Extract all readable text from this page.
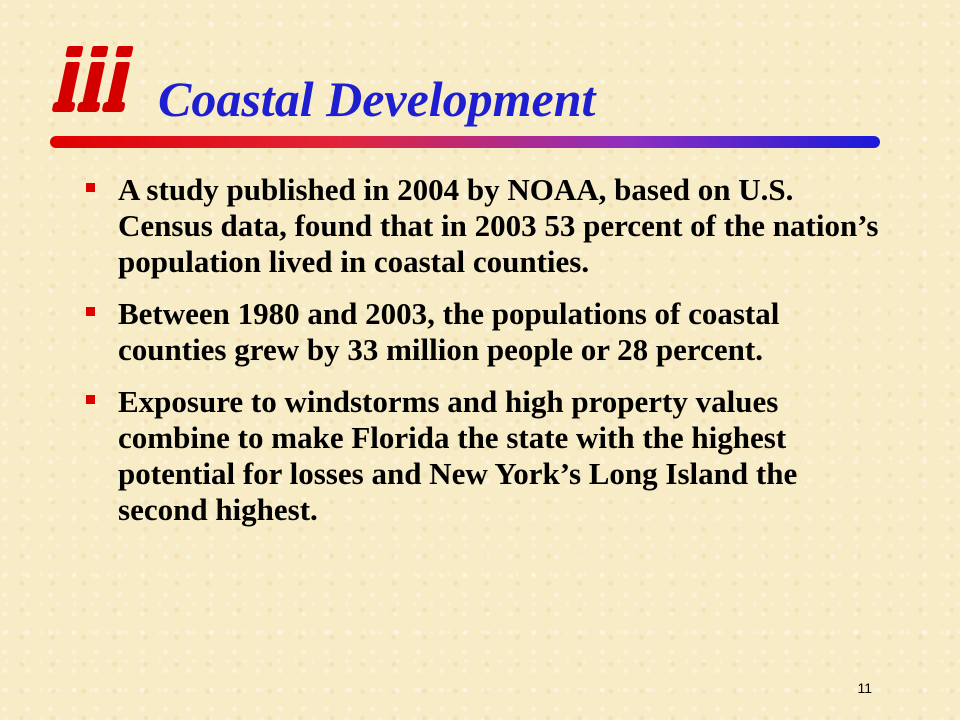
Coastal Development
A study published in 2004 by NOAA, based on U.S. Census data, found that in 2003 53 percent of the nation’s population lived in coastal counties.
Between 1980 and 2003, the populations of coastal counties grew by 33 million people or 28 percent.
Exposure to windstorms and high property values combine to make Florida the state with the highest potential for losses and New York’s Long Island the second highest.
11
